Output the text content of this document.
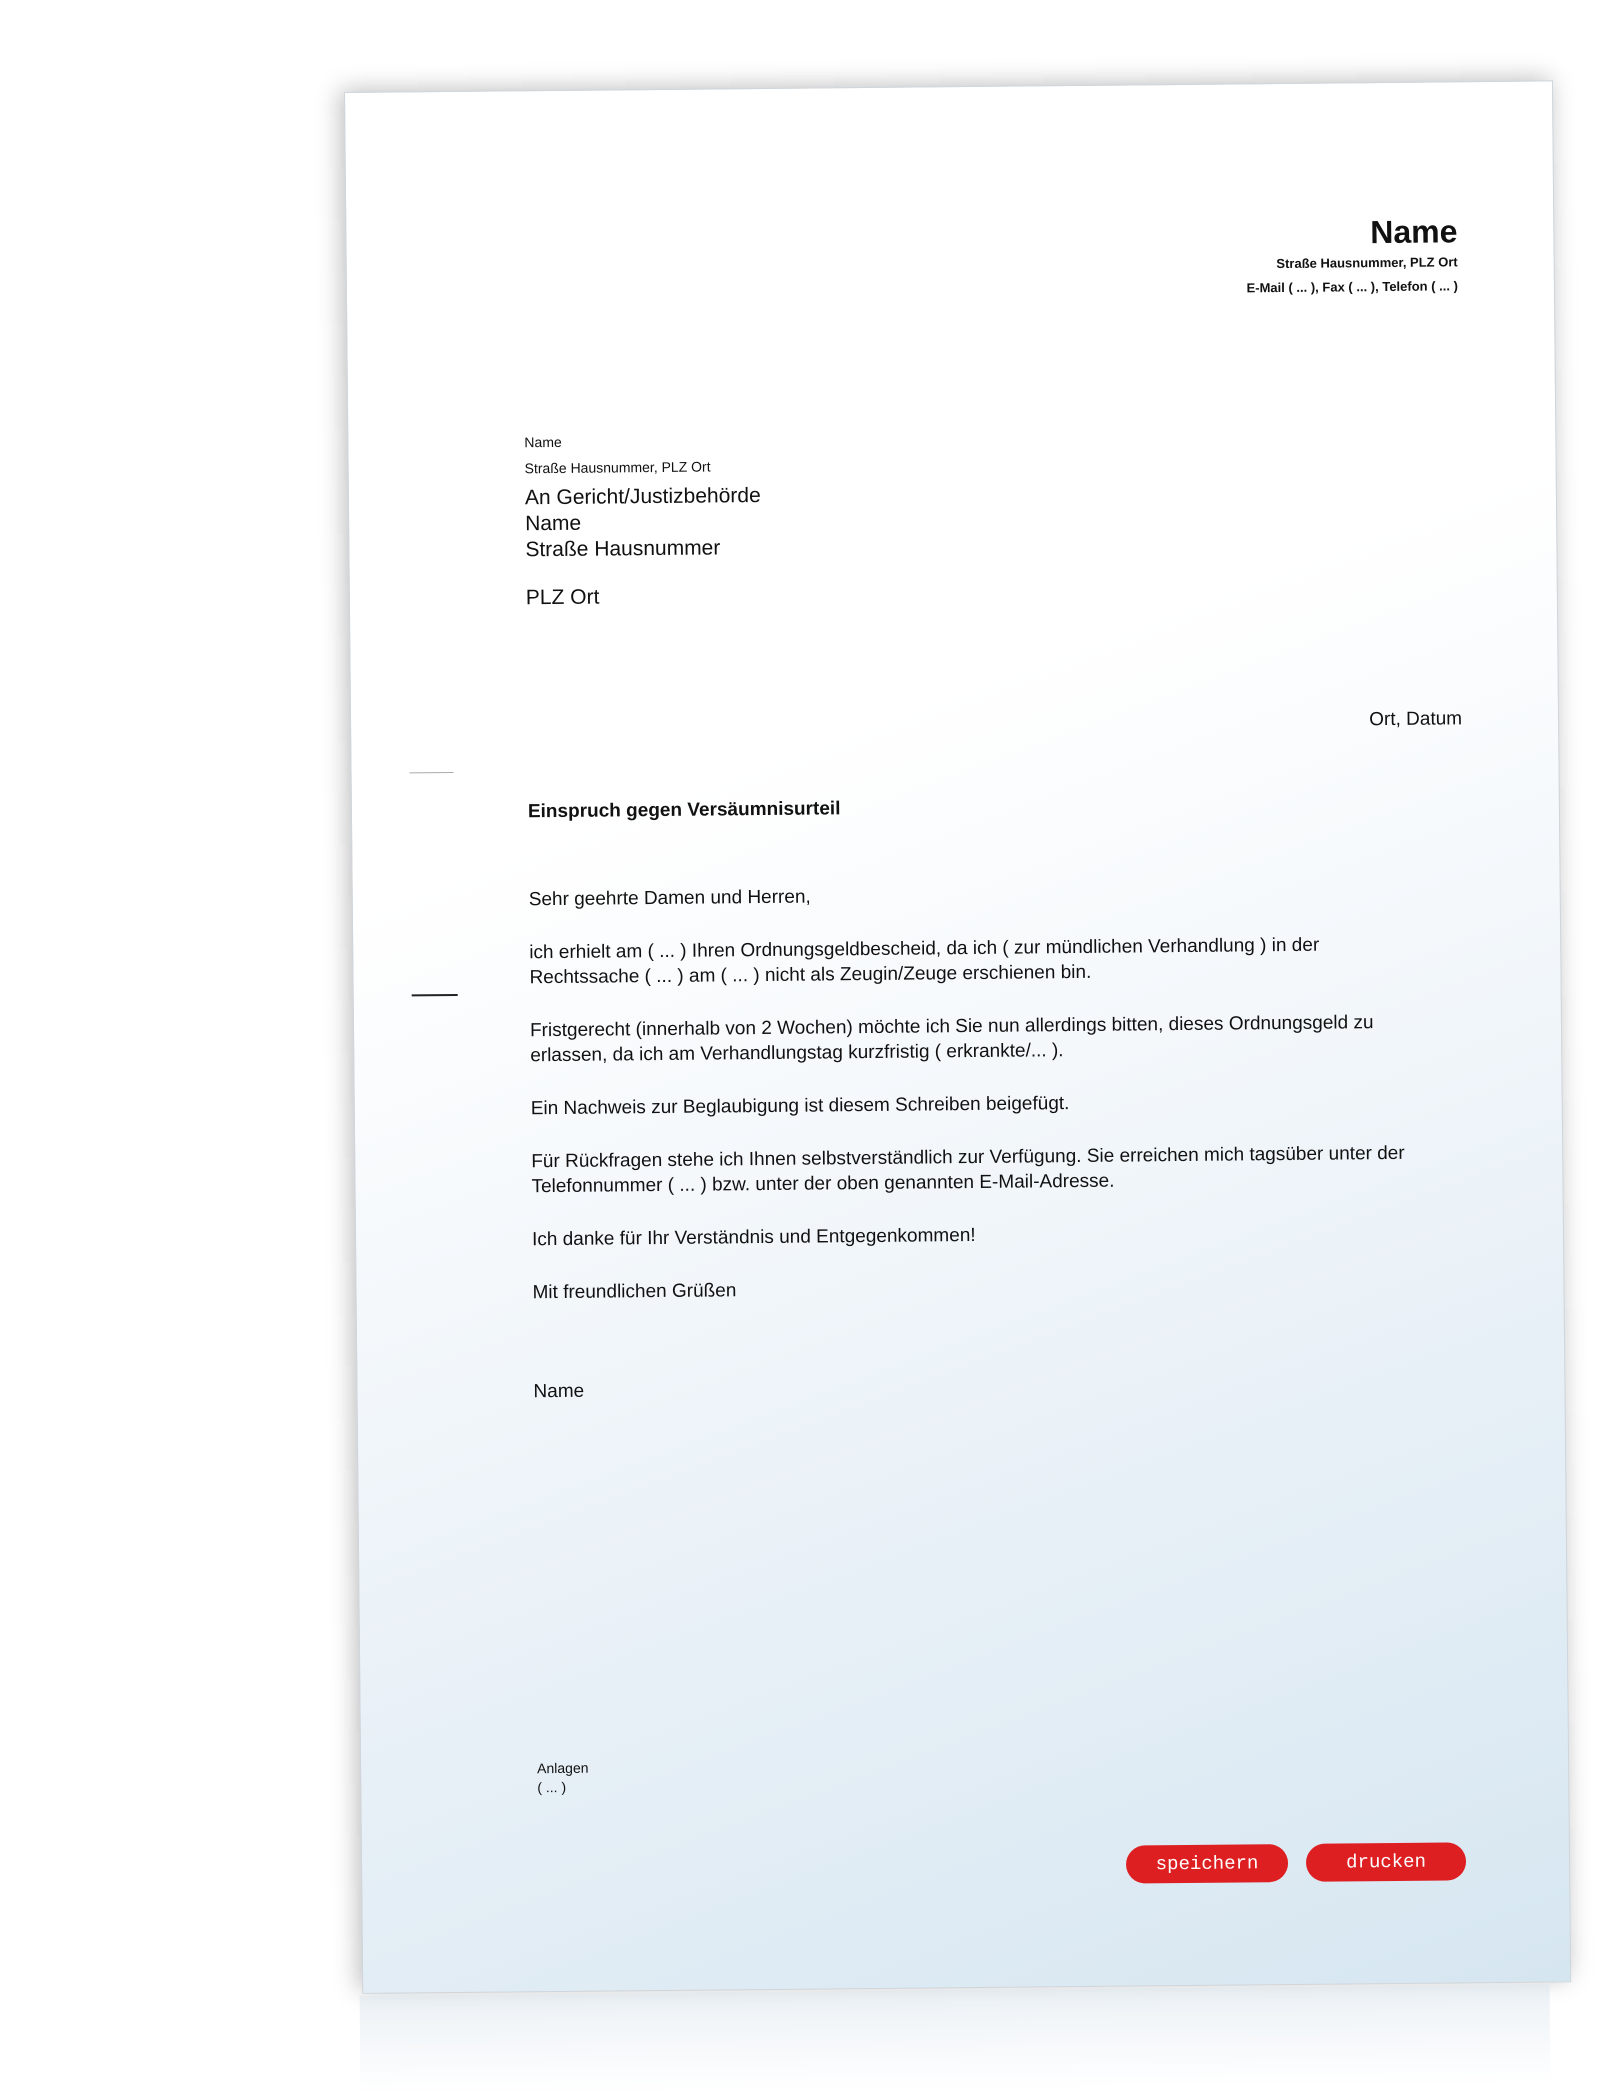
Name
Straße Hausnummer, PLZ Ort
E-Mail ( ... ), Fax ( ... ), Telefon ( ... )
Name
Straße Hausnummer, PLZ Ort
An Gericht/Justizbehörde
Name
Straße Hausnummer
PLZ Ort
Ort, Datum
Einspruch gegen Versäumnisurteil

Sehr geehrte Damen und Herren,

ich erhielt am ( ... ) Ihren Ordnungsgeldbescheid, da ich ( zur mündlichen Verhandlung ) in der Rechtssache ( ... ) am ( ... ) nicht als Zeugin/Zeuge erschienen bin.

Fristgerecht (innerhalb von 2 Wochen) möchte ich Sie nun allerdings bitten, dieses Ordnungsgeld zu erlassen, da ich am Verhandlungstag kurzfristig ( erkrankte/... ).

Ein Nachweis zur Beglaubigung ist diesem Schreiben beigefügt.

Für Rückfragen stehe ich Ihnen selbstverständlich zur Verfügung. Sie erreichen mich tagsüber unter der Telefonnummer ( ... ) bzw. unter der oben genannten E-Mail-Adresse.

Ich danke für Ihr Verständnis und Entgegenkommen!

Mit freundlichen Grüßen

Name
Anlagen
( ... )
speichern	drucken
